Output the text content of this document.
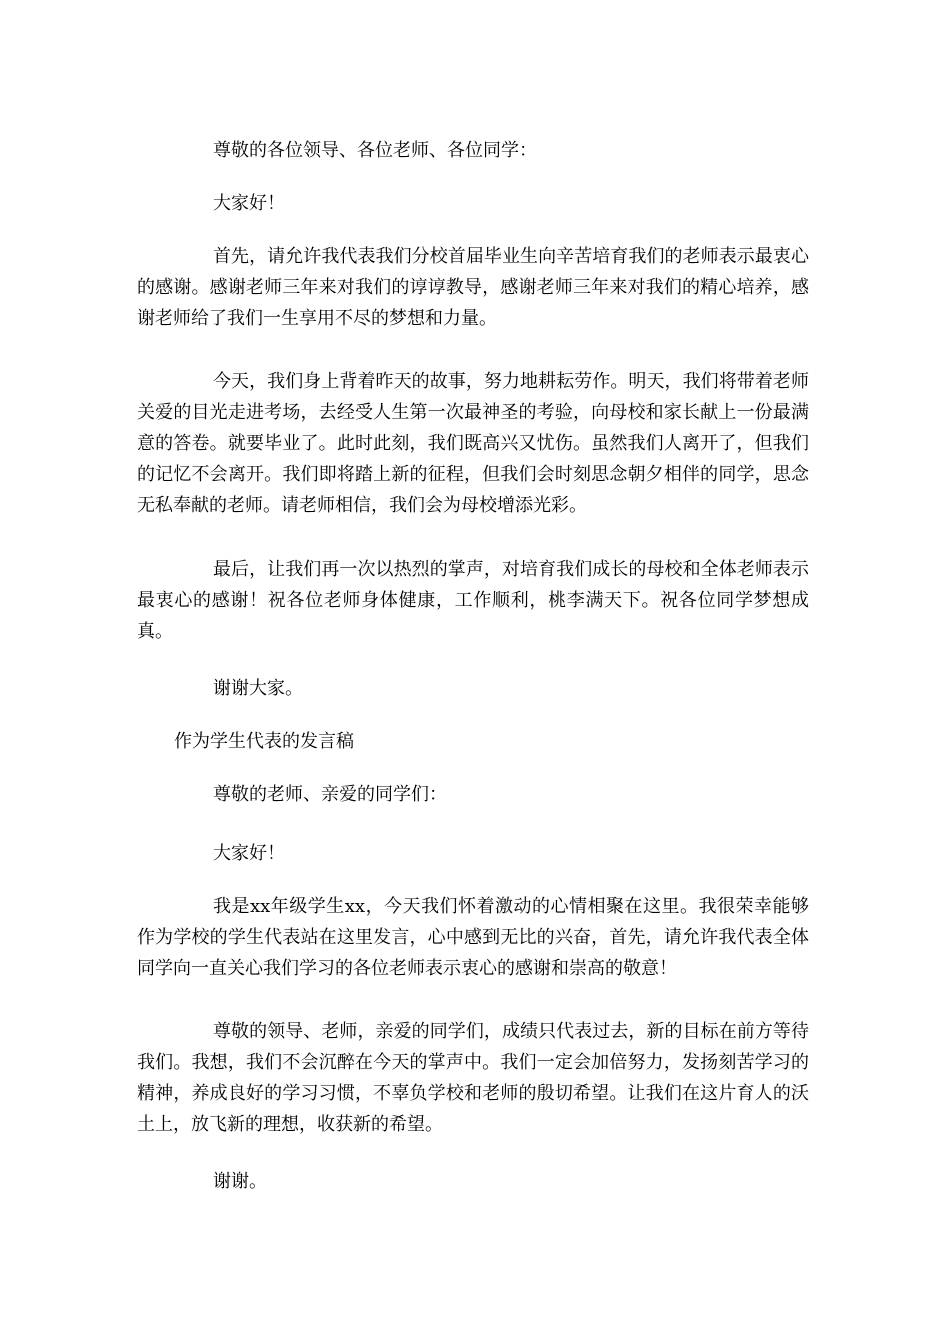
尊敬的各位领导、各位老师、各位同学：

大家好！

首先，请允许我代表我们分校首届毕业生向辛苦培育我们的老师表示最衷心的感谢。感谢老师三年来对我们的谆谆教导，感谢老师三年来对我们的精心培养，感谢老师给了我们一生享用不尽的梦想和力量。

今天，我们身上背着昨天的故事，努力地耕耘劳作。明天，我们将带着老师关爱的目光走进考场，去经受人生第一次最神圣的考验，向母校和家长献上一份最满意的答卷。就要毕业了。此时此刻，我们既高兴又忧伤。虽然我们人离开了，但我们的记忆不会离开。我们即将踏上新的征程，但我们会时刻思念朝夕相伴的同学，思念无私奉献的老师。请老师相信，我们会为母校增添光彩。

最后，让我们再一次以热烈的掌声，对培育我们成长的母校和全体老师表示最衷心的感谢！祝各位老师身体健康，工作顺利，桃李满天下。祝各位同学梦想成真。

谢谢大家。

作为学生代表的发言稿

尊敬的老师、亲爱的同学们：

大家好！

我是xx年级学生xx，今天我们怀着激动的心情相聚在这里。我很荣幸能够作为学校的学生代表站在这里发言，心中感到无比的兴奋，首先，请允许我代表全体同学向一直关心我们学习的各位老师表示衷心的感谢和崇高的敬意！

尊敬的领导、老师，亲爱的同学们，成绩只代表过去，新的目标在前方等待我们。我想，我们不会沉醉在今天的掌声中。我们一定会加倍努力，发扬刻苦学习的精神，养成良好的学习习惯，不辜负学校和老师的殷切希望。让我们在这片育人的沃土上，放飞新的理想，收获新的希望。

谢谢。
